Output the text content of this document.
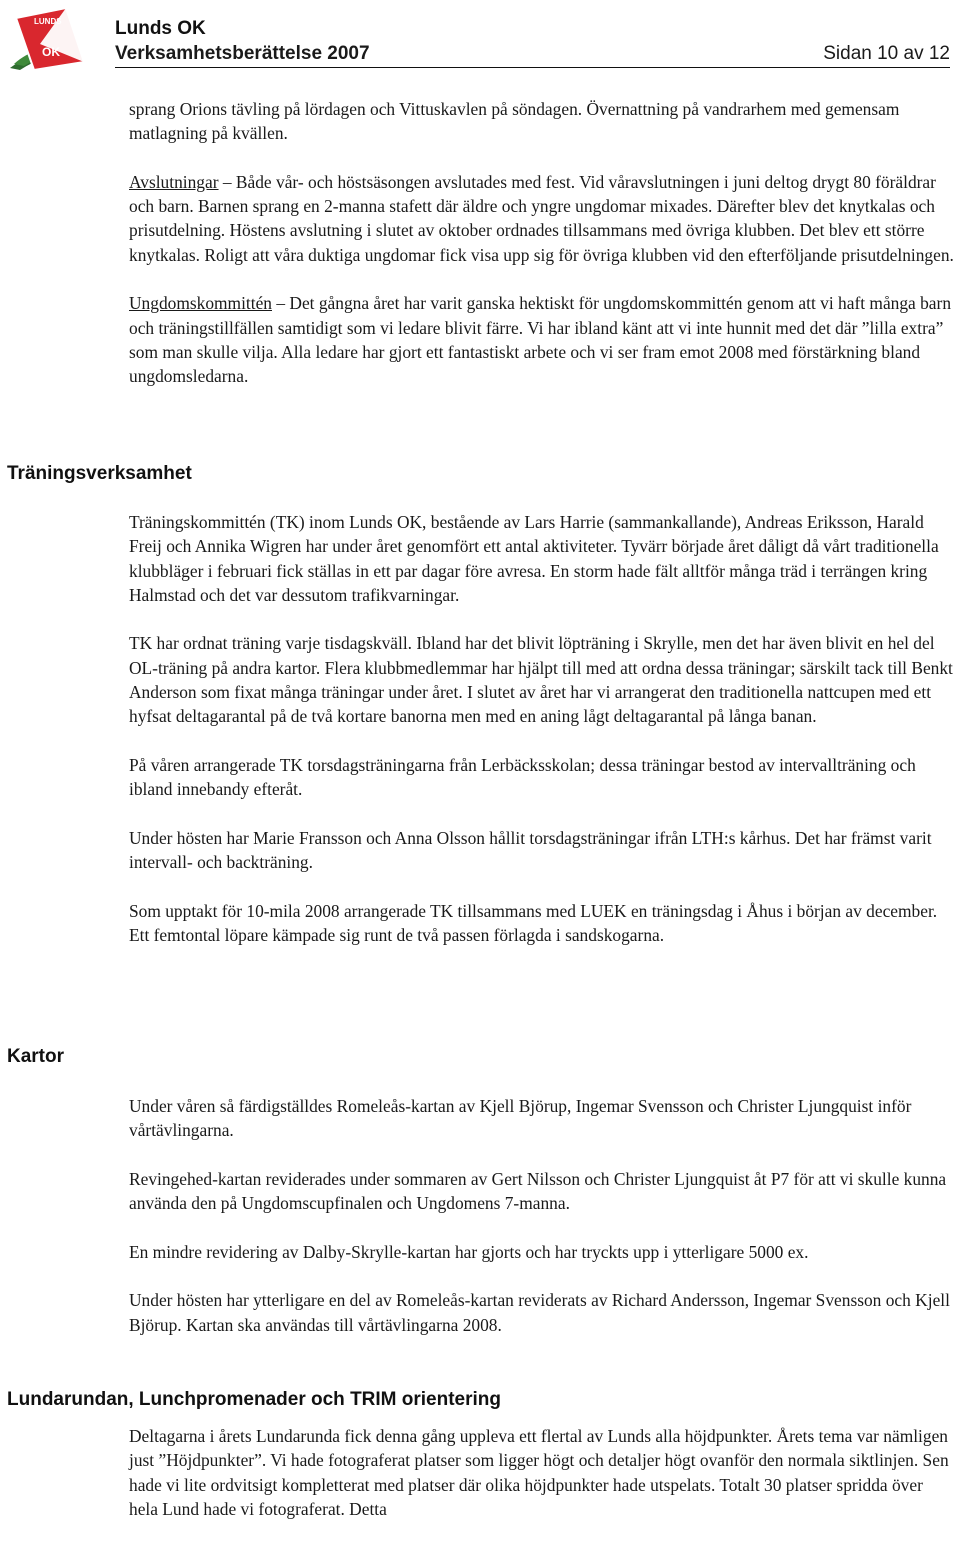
LUNDS
OK
Lunds OK
Verksamhetsberättelse 2007	Sidan 10 av 12

sprang Orions tävling på lördagen och Vittuskavlen på söndagen. Övernattning på vandrarhem med gemensam matlagning på kvällen.

Avslutningar – Både vår- och höstsäsongen avslutades med fest. Vid våravslutningen i juni deltog drygt 80 föräldrar och barn. Barnen sprang en 2-manna stafett där äldre och yngre ungdomar mixades. Därefter blev det knytkalas och prisutdelning. Höstens avslutning i slutet av oktober ordnades tillsammans med övriga klubben. Det blev ett större knytkalas. Roligt att våra duktiga ungdomar fick visa upp sig för övriga klubben vid den efterföljande prisutdelningen.

Ungdomskommittén – Det gångna året har varit ganska hektiskt för ungdomskommittén genom att vi haft många barn och träningstillfällen samtidigt som vi ledare blivit färre. Vi har ibland känt att vi inte hunnit med det där ”lilla extra” som man skulle vilja. Alla ledare har gjort ett fantastiskt arbete och vi ser fram emot 2008 med förstärkning bland ungdomsledarna.

Träningsverksamhet

Träningskommittén (TK) inom Lunds OK, bestående av Lars Harrie (sammankallande), Andreas Eriksson, Harald Freij och Annika Wigren har under året genomfört ett antal aktiviteter. Tyvärr började året dåligt då vårt traditionella klubbläger i februari fick ställas in ett par dagar före avresa. En storm hade fält alltför många träd i terrängen kring Halmstad och det var dessutom trafikvarningar.

TK har ordnat träning varje tisdagskväll. Ibland har det blivit löpträning i Skrylle, men det har även blivit en hel del OL-träning på andra kartor. Flera klubbmedlemmar har hjälpt till med att ordna dessa träningar; särskilt tack till Benkt Anderson som fixat många träningar under året. I slutet av året har vi arrangerat den traditionella nattcupen med ett hyfsat deltagarantal på de två kortare banorna men med en aning lågt deltagarantal på långa banan.

På våren arrangerade TK torsdagsträningarna från Lerbäcksskolan; dessa träningar bestod av intervallträning och ibland innebandy efteråt.

Under hösten har Marie Fransson och Anna Olsson hållit torsdagsträningar ifrån LTH:s kårhus. Det har främst varit intervall- och backträning.

Som upptakt för 10-mila 2008 arrangerade TK tillsammans med LUEK en träningsdag i Åhus i början av december. Ett femtontal löpare kämpade sig runt de två passen förlagda i sandskogarna.

Kartor

Under våren så färdigställdes Romeleås-kartan av Kjell Björup, Ingemar Svensson och Christer Ljungquist inför vårtävlingarna.

Revingehed-kartan reviderades under sommaren av Gert Nilsson och Christer Ljungquist åt P7 för att vi skulle kunna använda den på Ungdomscupfinalen och Ungdomens 7-manna.

En mindre revidering av Dalby-Skrylle-kartan har gjorts och har tryckts upp i ytterligare 5000 ex.

Under hösten har ytterligare en del av Romeleås-kartan reviderats av Richard Andersson, Ingemar Svensson och Kjell Björup. Kartan ska användas till vårtävlingarna 2008.

Lundarundan, Lunchpromenader och TRIM orientering

Deltagarna i årets Lundarunda fick denna gång uppleva ett flertal av Lunds alla höjdpunkter. Årets tema var nämligen just ”Höjdpunkter”. Vi hade fotograferat platser som ligger högt och detaljer högt ovanför den normala siktlinjen. Sen hade vi lite ordvitsigt kompletterat med platser där olika höjdpunkter hade utspelats. Totalt 30 platser spridda över hela Lund hade vi fotograferat. Detta
